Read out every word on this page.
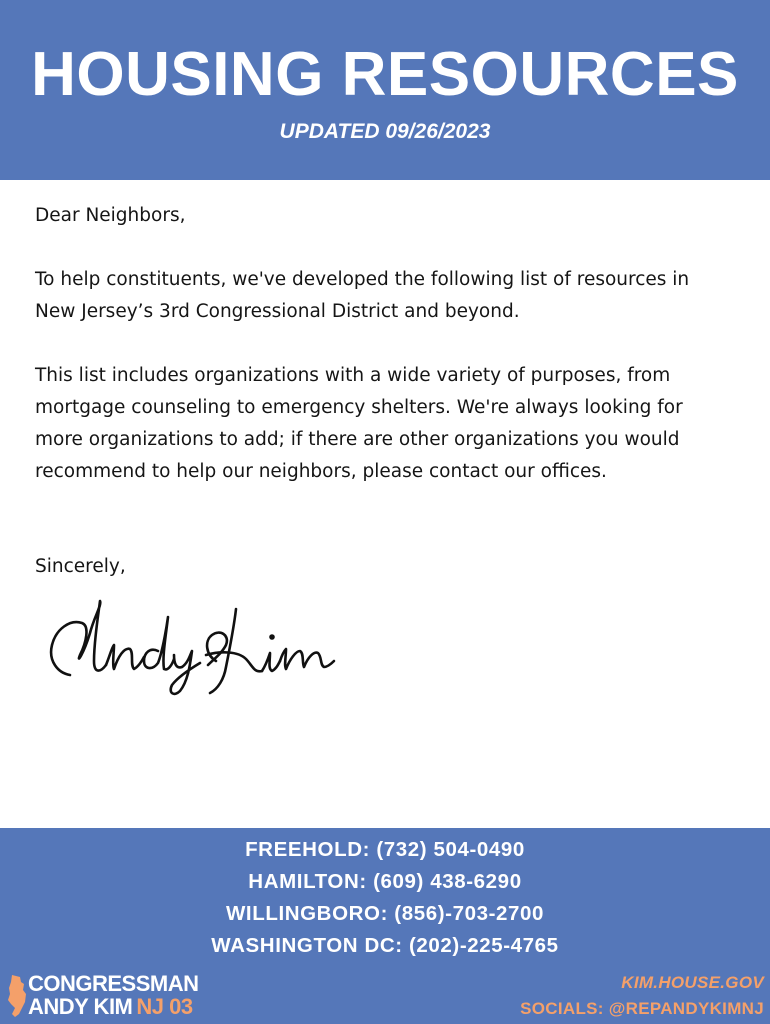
HOUSING RESOURCES
UPDATED 09/26/2023

Dear Neighbors,

To help constituents, we've developed the following list of resources in New Jersey’s 3rd Congressional District and beyond.

This list includes organizations with a wide variety of purposes, from mortgage counseling to emergency shelters. We're always looking for more organizations to add; if there are other organizations you would recommend to help our neighbors, please contact our offices.

Sincerely,

FREEHOLD: (732) 504-0490
HAMILTON: (609) 438-6290
WILLINGBORO: (856)-703-2700
WASHINGTON DC: (202)-225-4765
CONGRESSMAN
ANDY KIM NJ 03
KIM.HOUSE.GOV
SOCIALS: @REPANDYKIMNJ
